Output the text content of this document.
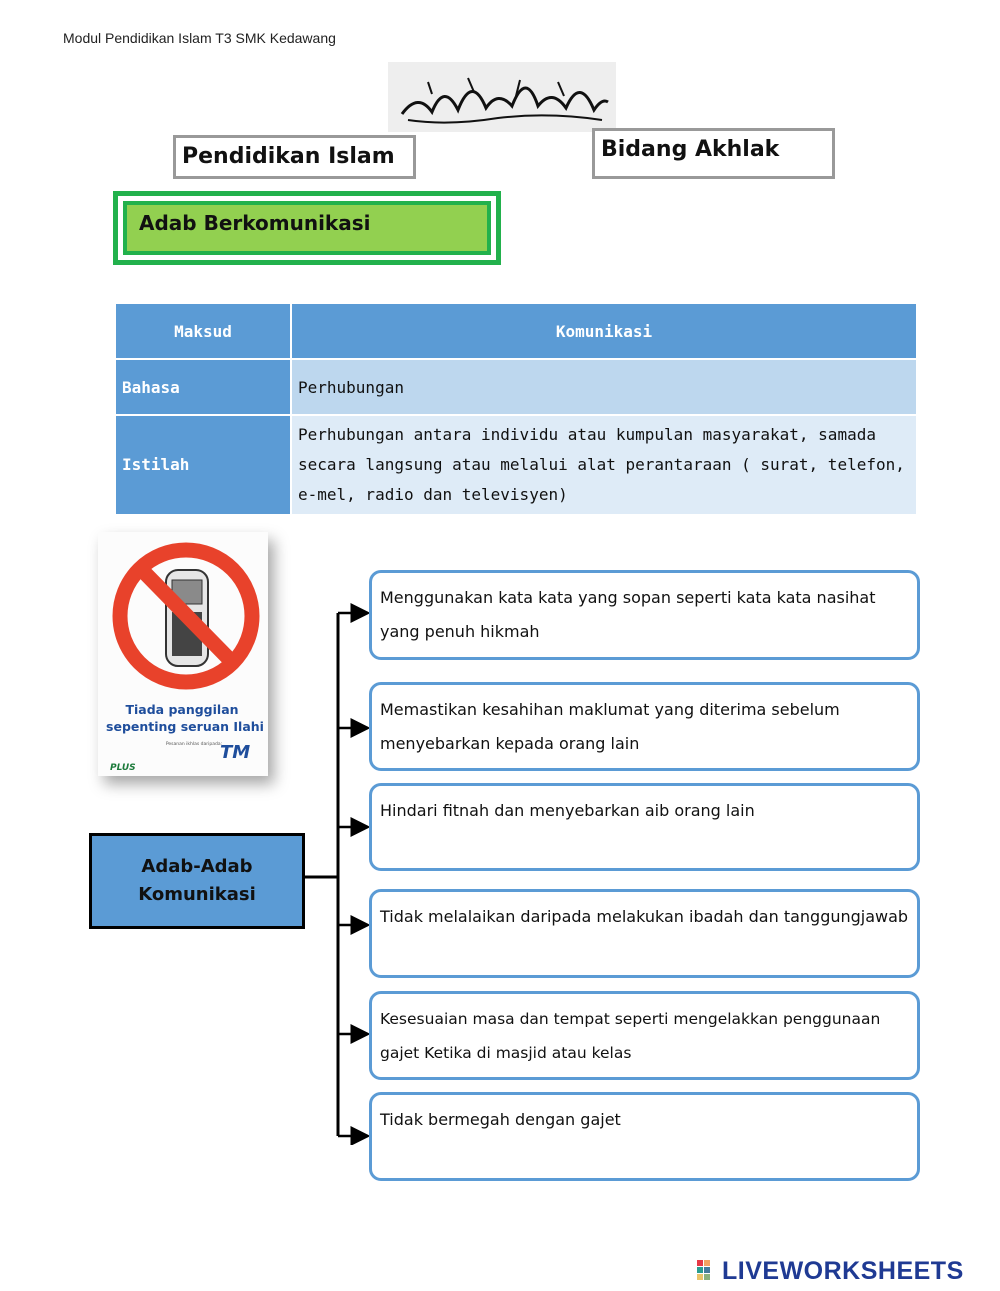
Modul Pendidikan Islam T3 SMK Kedawang
Pendidikan Islam	Bidang Akhlak
Adab Berkomunikasi
Maksud	Komunikasi
Bahasa	Perhubungan
Istilah	Perhubungan antara individu atau kumpulan masyarakat, samada secara langsung atau melalui alat perantaraan ( surat, telefon, e-mel, radio dan televisyen)
Tiada panggilan
sepenting seruan Ilahi
Pesanan ikhlas daripada:
TM
PLUS
Adab-Adab Komunikasi
Menggunakan kata kata yang sopan seperti kata kata nasihat yang penuh hikmah
Memastikan kesahihan maklumat yang diterima sebelum menyebarkan kepada orang lain
Hindari fitnah dan menyebarkan aib orang lain
Tidak melalaikan daripada melakukan ibadah dan tanggungjawab
Kesesuaian masa dan tempat seperti mengelakkan penggunaan gajet Ketika di masjid atau kelas
Tidak bermegah dengan gajet
LIVEWORKSHEETS
